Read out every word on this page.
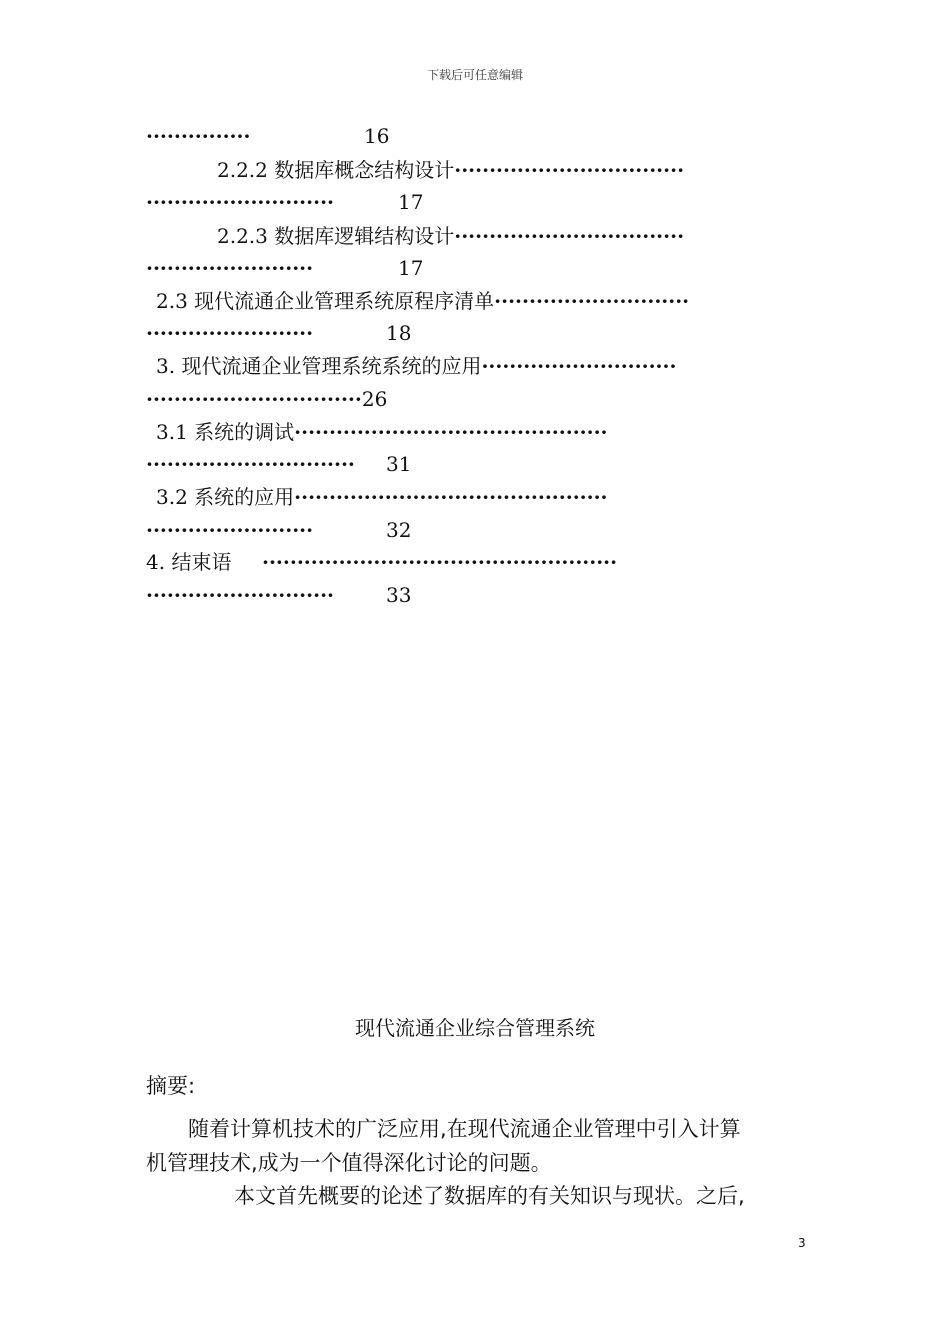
下载后可任意编辑
···············	16
2.2.2 数据库概念结构设计·································
···························	17
2.2.3 数据库逻辑结构设计·································
························	17
2.3 现代流通企业管理系统原程序清单····························
························	18
3. 现代流通企业管理系统系统的应用····························
·······························26
3.1 系统的调试·············································
······························ 31
3.2 系统的应用·············································
························	32
4. 结束语 ···················································
···························	33
现代流通企业综合管理系统
摘要:
随着计算机技术的广泛应用,在现代流通企业管理中引入计算
机管理技术,成为一个值得深化讨论的问题。
本文首先概要的论述了数据库的有关知识与现状。之后,
3
